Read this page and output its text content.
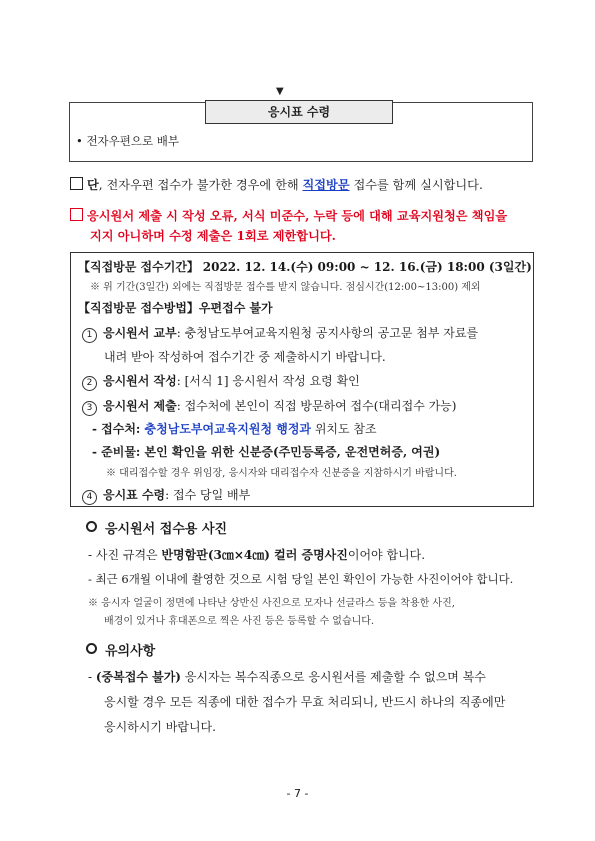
▼
응시표 수령
• 전자우편으로 배부
단, 전자우편 접수가 불가한 경우에 한해 직접방문 접수를 함께 실시합니다.
응시원서 제출 시 작성 오류, 서식 미준수, 누락 등에 대해 교육지원청은 책임을
지지 아니하며 수정 제출은 1회로 제한합니다.
【직접방문 접수기간】 2022. 12. 14.(수) 09:00 ~ 12. 16.(금) 18:00 (3일간)
※ 위 기간(3일간) 외에는 직접방문 접수를 받지 않습니다. 점심시간(12:00~13:00) 제외
【직접방문 접수방법】우편접수 불가
1 응시원서 교부: 충청남도부여교육지원청 공지사항의 공고문 첨부 자료를
내려 받아 작성하여 접수기간 중 제출하시기 바랍니다.
2 응시원서 작성: [서식 1] 응시원서 작성 요령 확인
3 응시원서 제출: 접수처에 본인이 직접 방문하여 접수(대리접수 가능)
- 접수처: 충청남도부여교육지원청 행정과 위치도 참조
- 준비물: 본인 확인을 위한 신분증(주민등록증, 운전면허증, 여권)
※ 대리접수할 경우 위임장, 응시자와 대리접수자 신분증을 지참하시기 바랍니다.
4 응시표 수령: 접수 당일 배부
응시원서 접수용 사진
- 사진 규격은 반명함판(3㎝×4㎝) 컬러 증명사진이어야 합니다.
- 최근 6개월 이내에 촬영한 것으로 시험 당일 본인 확인이 가능한 사진이어야 합니다.
※ 응시자 얼굴이 정면에 나타난 상반신 사진으로 모자나 선글라스 등을 착용한 사진,
배경이 있거나 휴대폰으로 찍은 사진 등은 등록할 수 없습니다.
유의사항
- (중복접수 불가) 응시자는 복수직종으로 응시원서를 제출할 수 없으며 복수
응시할 경우 모든 직종에 대한 접수가 무효 처리되니, 반드시 하나의 직종에만
응시하시기 바랍니다.
- 7 -
